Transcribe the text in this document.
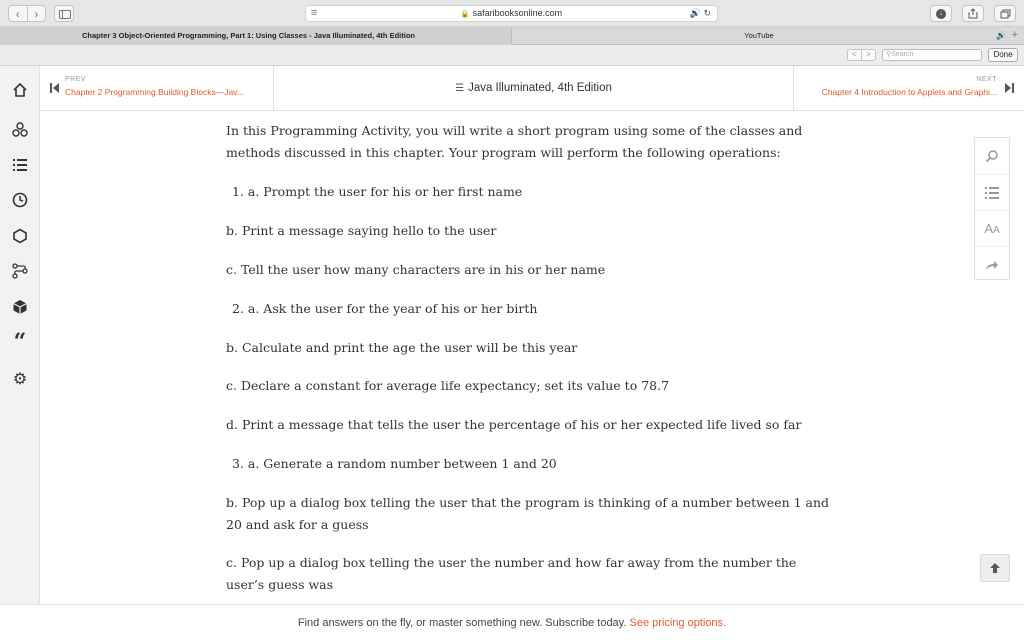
‹	›	🔒 safaribooksonline.com	🔊 ↻
≡	↓
Chapter 3 Object-Oriented Programming, Part 1: Using Classes - Java Illuminated, 4th Edition	YouTube	🔊 +
<	>	⚲Search	Done
“
⚙
PREV
Chapter 2 Programming Building Blocks—Jav...	☰ Java Illuminated, 4th Edition
NEXT
Chapter 4 Introduction to Applets and Graphi...

In this Programming Activity, you will write a short program using some of the classes and methods discussed in this chapter. Your program will perform the following operations:

1. a. Prompt the user for his or her first name

b. Print a message saying hello to the user

c. Tell the user how many characters are in his or her name

2. a. Ask the user for the year of his or her birth

b. Calculate and print the age the user will be this year

c. Declare a constant for average life expectancy; set its value to 78.7

d. Print a message that tells the user the percentage of his or her expected life lived so far

3. a. Generate a random number between 1 and 20

b. Pop up a dialog box telling the user that the program is thinking of a number between 1 and 20 and ask for a guess

c. Pop up a dialog box telling the user the number and how far away from the number the user’s guess was

AA
Find answers on the fly, or master something new. Subscribe today. See pricing options.
